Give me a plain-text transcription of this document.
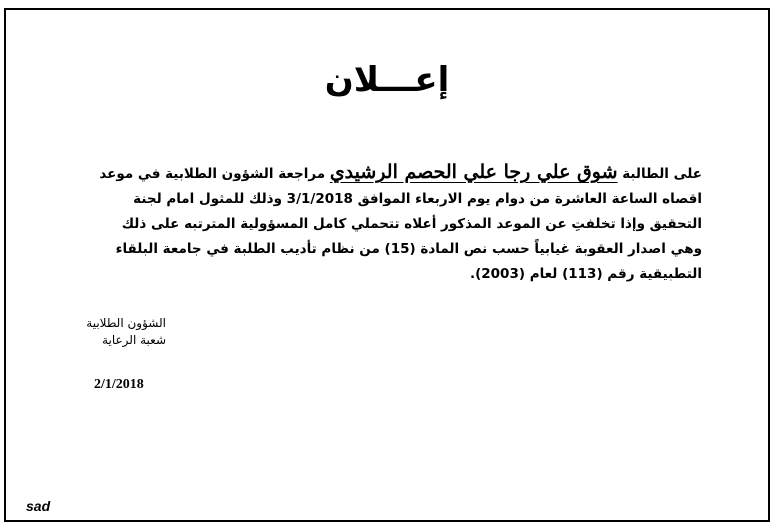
إعـــلان
على الطالبة شوق علي رجا علي الحصم الرشيدي مراجعة الشؤون الطلابية في موعد اقصاه الساعة العاشرة من دوام يوم الاربعاء الموافق 3/1/2018 وذلك للمثول امام لجنة التحقيق وإذا تخلفتِ عن الموعد المذكور أعلاه تتحملي كامل المسؤولية المترتبه على ذلك وهي اصدار العقوبة غيابياً حسب نص المادة (15) من نظام تأديب الطلبة في جامعة البلقاء التطبيقية رقم (113) لعام (2003).
الشؤون الطلابية
شعبة الرعاية
2/1/2018
sad
